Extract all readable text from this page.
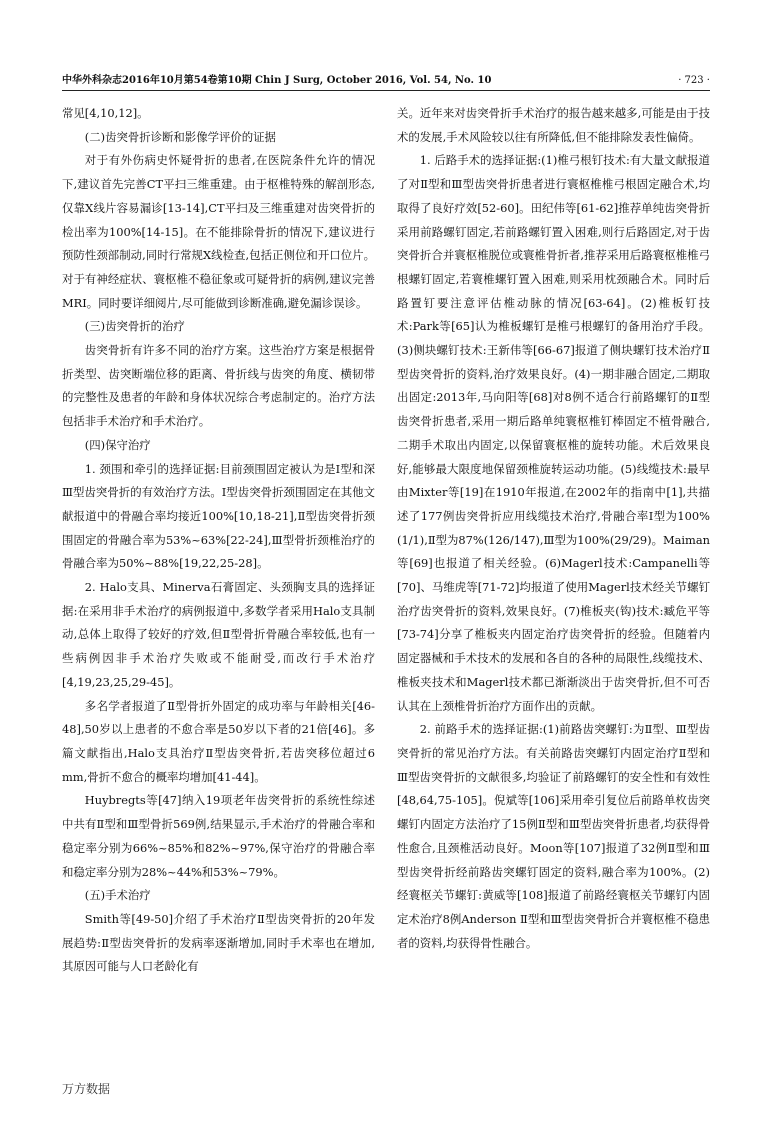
中华外科杂志2016年10月第54卷第10期 Chin J Surg, October 2016, Vol. 54, No. 10	· 723 ·

常见[4,10,12]。

(二)齿突骨折诊断和影像学评价的证据

对于有外伤病史怀疑骨折的患者,在医院条件允许的情况下,建议首先完善CT平扫三维重建。由于枢椎特殊的解剖形态,仅靠X线片容易漏诊[13-14],CT平扫及三维重建对齿突骨折的检出率为100%[14-15]。在不能排除骨折的情况下,建议进行预防性颈部制动,同时行常规X线检查,包括正侧位和开口位片。对于有神经症状、寰枢椎不稳征象或可疑骨折的病例,建议完善MRI。同时要详细阅片,尽可能做到诊断准确,避免漏诊误诊。

(三)齿突骨折的治疗

齿突骨折有许多不同的治疗方案。这些治疗方案是根据骨折类型、齿突断端位移的距离、骨折线与齿突的角度、横韧带的完整性及患者的年龄和身体状况综合考虑制定的。治疗方法包括非手术治疗和手术治疗。

(四)保守治疗

1. 颈围和牵引的选择证据:目前颈围固定被认为是Ⅰ型和深Ⅲ型齿突骨折的有效治疗方法。Ⅰ型齿突骨折颈围固定在其他文献报道中的骨融合率均接近100%[10,18-21],Ⅱ型齿突骨折颈围固定的骨融合率为53%~63%[22-24],Ⅲ型骨折颈椎治疗的骨融合率为50%~88%[19,22,25-28]。

2. Halo支具、Minerva石膏固定、头颈胸支具的选择证据:在采用非手术治疗的病例报道中,多数学者采用Halo支具制动,总体上取得了较好的疗效,但Ⅱ型骨折骨融合率较低,也有一些病例因非手术治疗失败或不能耐受,而改行手术治疗[4,19,23,25,29-45]。

多名学者报道了Ⅱ型骨折外固定的成功率与年龄相关[46-48],50岁以上患者的不愈合率是50岁以下者的21倍[46]。多篇文献指出,Halo支具治疗Ⅱ型齿突骨折,若齿突移位超过6 mm,骨折不愈合的概率均增加[41-44]。

Huybregts等[47]纳入19项老年齿突骨折的系统性综述中共有Ⅱ型和Ⅲ型骨折569例,结果显示,手术治疗的骨融合率和稳定率分别为66%~85%和82%~97%,保守治疗的骨融合率和稳定率分别为28%~44%和53%~79%。

(五)手术治疗

Smith等[49-50]介绍了手术治疗Ⅱ型齿突骨折的20年发展趋势:Ⅱ型齿突骨折的发病率逐渐增加,同时手术率也在增加,其原因可能与人口老龄化有

关。近年来对齿突骨折手术治疗的报告越来越多,可能是由于技术的发展,手术风险较以往有所降低,但不能排除发表性偏倚。

1. 后路手术的选择证据:(1)椎弓根钉技术:有大量文献报道了对Ⅱ型和Ⅲ型齿突骨折患者进行寰枢椎椎弓根固定融合术,均取得了良好疗效[52-60]。田纪伟等[61-62]推荐单纯齿突骨折采用前路螺钉固定,若前路螺钉置入困难,则行后路固定,对于齿突骨折合并寰枢椎脱位或寰椎骨折者,推荐采用后路寰枢椎椎弓根螺钉固定,若寰椎螺钉置入困难,则采用枕颈融合术。同时后路置钉要注意评估椎动脉的情况[63-64]。(2)椎板钉技术:Park等[65]认为椎板螺钉是椎弓根螺钉的备用治疗手段。(3)侧块螺钉技术:王新伟等[66-67]报道了侧块螺钉技术治疗Ⅱ型齿突骨折的资料,治疗效果良好。(4)一期非融合固定,二期取出固定:2013年,马向阳等[68]对8例不适合行前路螺钉的Ⅱ型齿突骨折患者,采用一期后路单纯寰枢椎钉棒固定不植骨融合,二期手术取出内固定,以保留寰枢椎的旋转功能。术后效果良好,能够最大限度地保留颈椎旋转运动功能。(5)线缆技术:最早由Mixter等[19]在1910年报道,在2002年的指南中[1],共描述了177例齿突骨折应用线缆技术治疗,骨融合率Ⅰ型为100%(1/1),Ⅱ型为87%(126/147),Ⅲ型为100%(29/29)。Maiman等[69]也报道了相关经验。(6)Magerl技术:Campanelli等[70]、马维虎等[71-72]均报道了使用Magerl技术经关节螺钉治疗齿突骨折的资料,效果良好。(7)椎板夹(钩)技术:臧危平等[73-74]分享了椎板夹内固定治疗齿突骨折的经验。但随着内固定器械和手术技术的发展和各自的各种的局限性,线缆技术、椎板夹技术和Magerl技术都已渐渐淡出于齿突骨折,但不可否认其在上颈椎骨折治疗方面作出的贡献。

2. 前路手术的选择证据:(1)前路齿突螺钉:为Ⅱ型、Ⅲ型齿突骨折的常见治疗方法。有关前路齿突螺钉内固定治疗Ⅱ型和Ⅲ型齿突骨折的文献很多,均验证了前路螺钉的安全性和有效性[48,64,75-105]。倪斌等[106]采用牵引复位后前路单枚齿突螺钉内固定方法治疗了15例Ⅱ型和Ⅲ型齿突骨折患者,均获得骨性愈合,且颈椎活动良好。Moon等[107]报道了32例Ⅱ型和Ⅲ型齿突骨折经前路齿突螺钉固定的资料,融合率为100%。(2)经寰枢关节螺钉:黄威等[108]报道了前路经寰枢关节螺钉内固定术治疗8例Anderson Ⅱ型和Ⅲ型齿突骨折合并寰枢椎不稳患者的资料,均获得骨性融合。

万方数据
